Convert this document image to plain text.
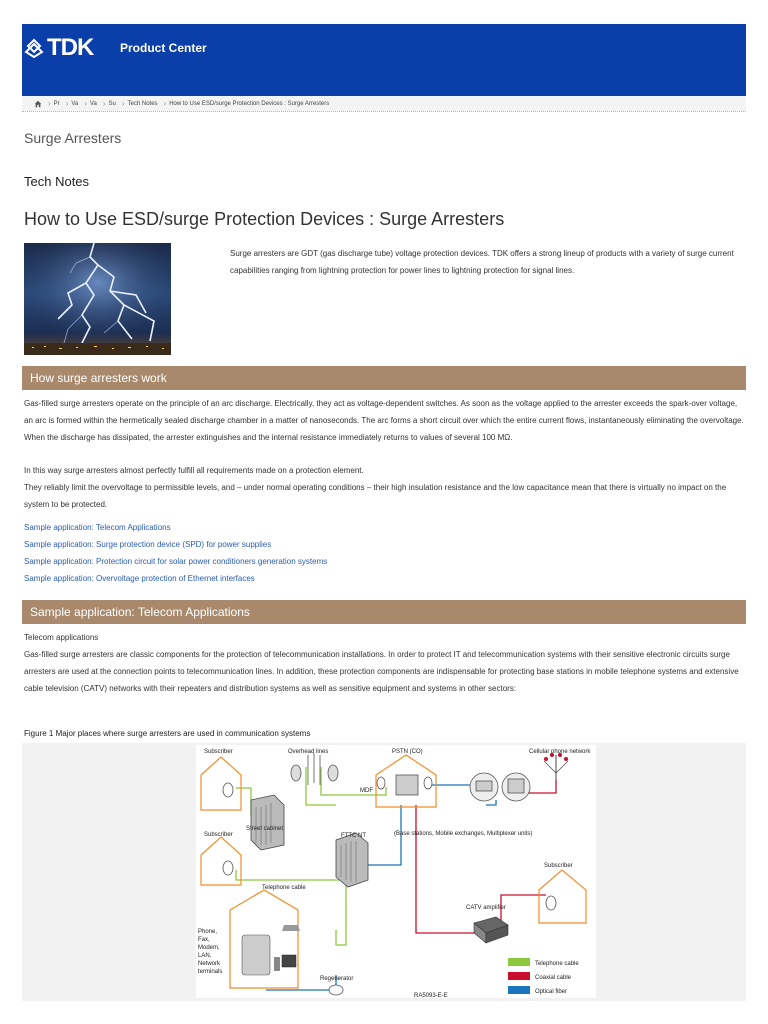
TDK Product Center
› Pr › Va › Va › Su › Tech Notes › How to Use ESD/surge Protection Devices : Surge Arresters
Surge Arresters
Tech Notes
How to Use ESD/surge Protection Devices : Surge Arresters
Surge arresters are GDT (gas discharge tube) voltage protection devices. TDK offers a strong lineup of products with a variety of surge current capabilities ranging from lightning protection for power lines to lightning protection for signal lines.
How surge arresters work
Gas-filled surge arresters operate on the principle of an arc discharge. Electrically, they act as voltage-dependent switches. As soon as the voltage applied to the arrester exceeds the spark-over voltage, an arc is formed within the hermetically sealed discharge chamber in a matter of nanoseconds. The arc forms a short circuit over which the entire current flows, instantaneously eliminating the overvoltage. When the discharge has dissipated, the arrester extinguishes and the internal resistance immediately returns to values of several 100 MΩ.
In this way surge arresters almost perfectly fulfill all requirements made on a protection element.
They reliably limit the overvoltage to permissible levels, and – under normal operating conditions – their high insulation resistance and the low capacitance mean that there is virtually no impact on the system to be protected.
Sample application: Telecom Applications
Sample application: Surge protection device (SPD) for power supplies
Sample application: Protection circuit for solar power conditioners generation systems
Sample application: Overvoltage protection of Ethernet interfaces
Sample application: Telecom Applications
Telecom applications
Gas-filled surge arresters are classic components for the protection of telecommunication installations. In order to protect IT and telecommunication systems with their sensitive electronic circuits surge arresters are used at the connection points to telecommunication lines. In addition, these protection components are indispensable for protecting base stations in mobile telephone systems and extensive cable television (CATV) networks with their repeaters and distribution systems as well as sensitive equipment and systems in other sectors:
Figure 1 Major places where surge arresters are used in communication systems
Subscriber	Overhead lines	PSTN (CO)	Cellular phone network
MDF
Street cabinet
Subscriber	(Base stations, Mobile exchanges, Multiplexer units)
FTTC NT
Subscriber
Telephone cable
CATV amplifier
Phone,
Fax,
Modem,
LAN,
Network
terminals
Regenerator
RA5093-E-E
Telephone cable
Coaxial cable
Optical fiber
